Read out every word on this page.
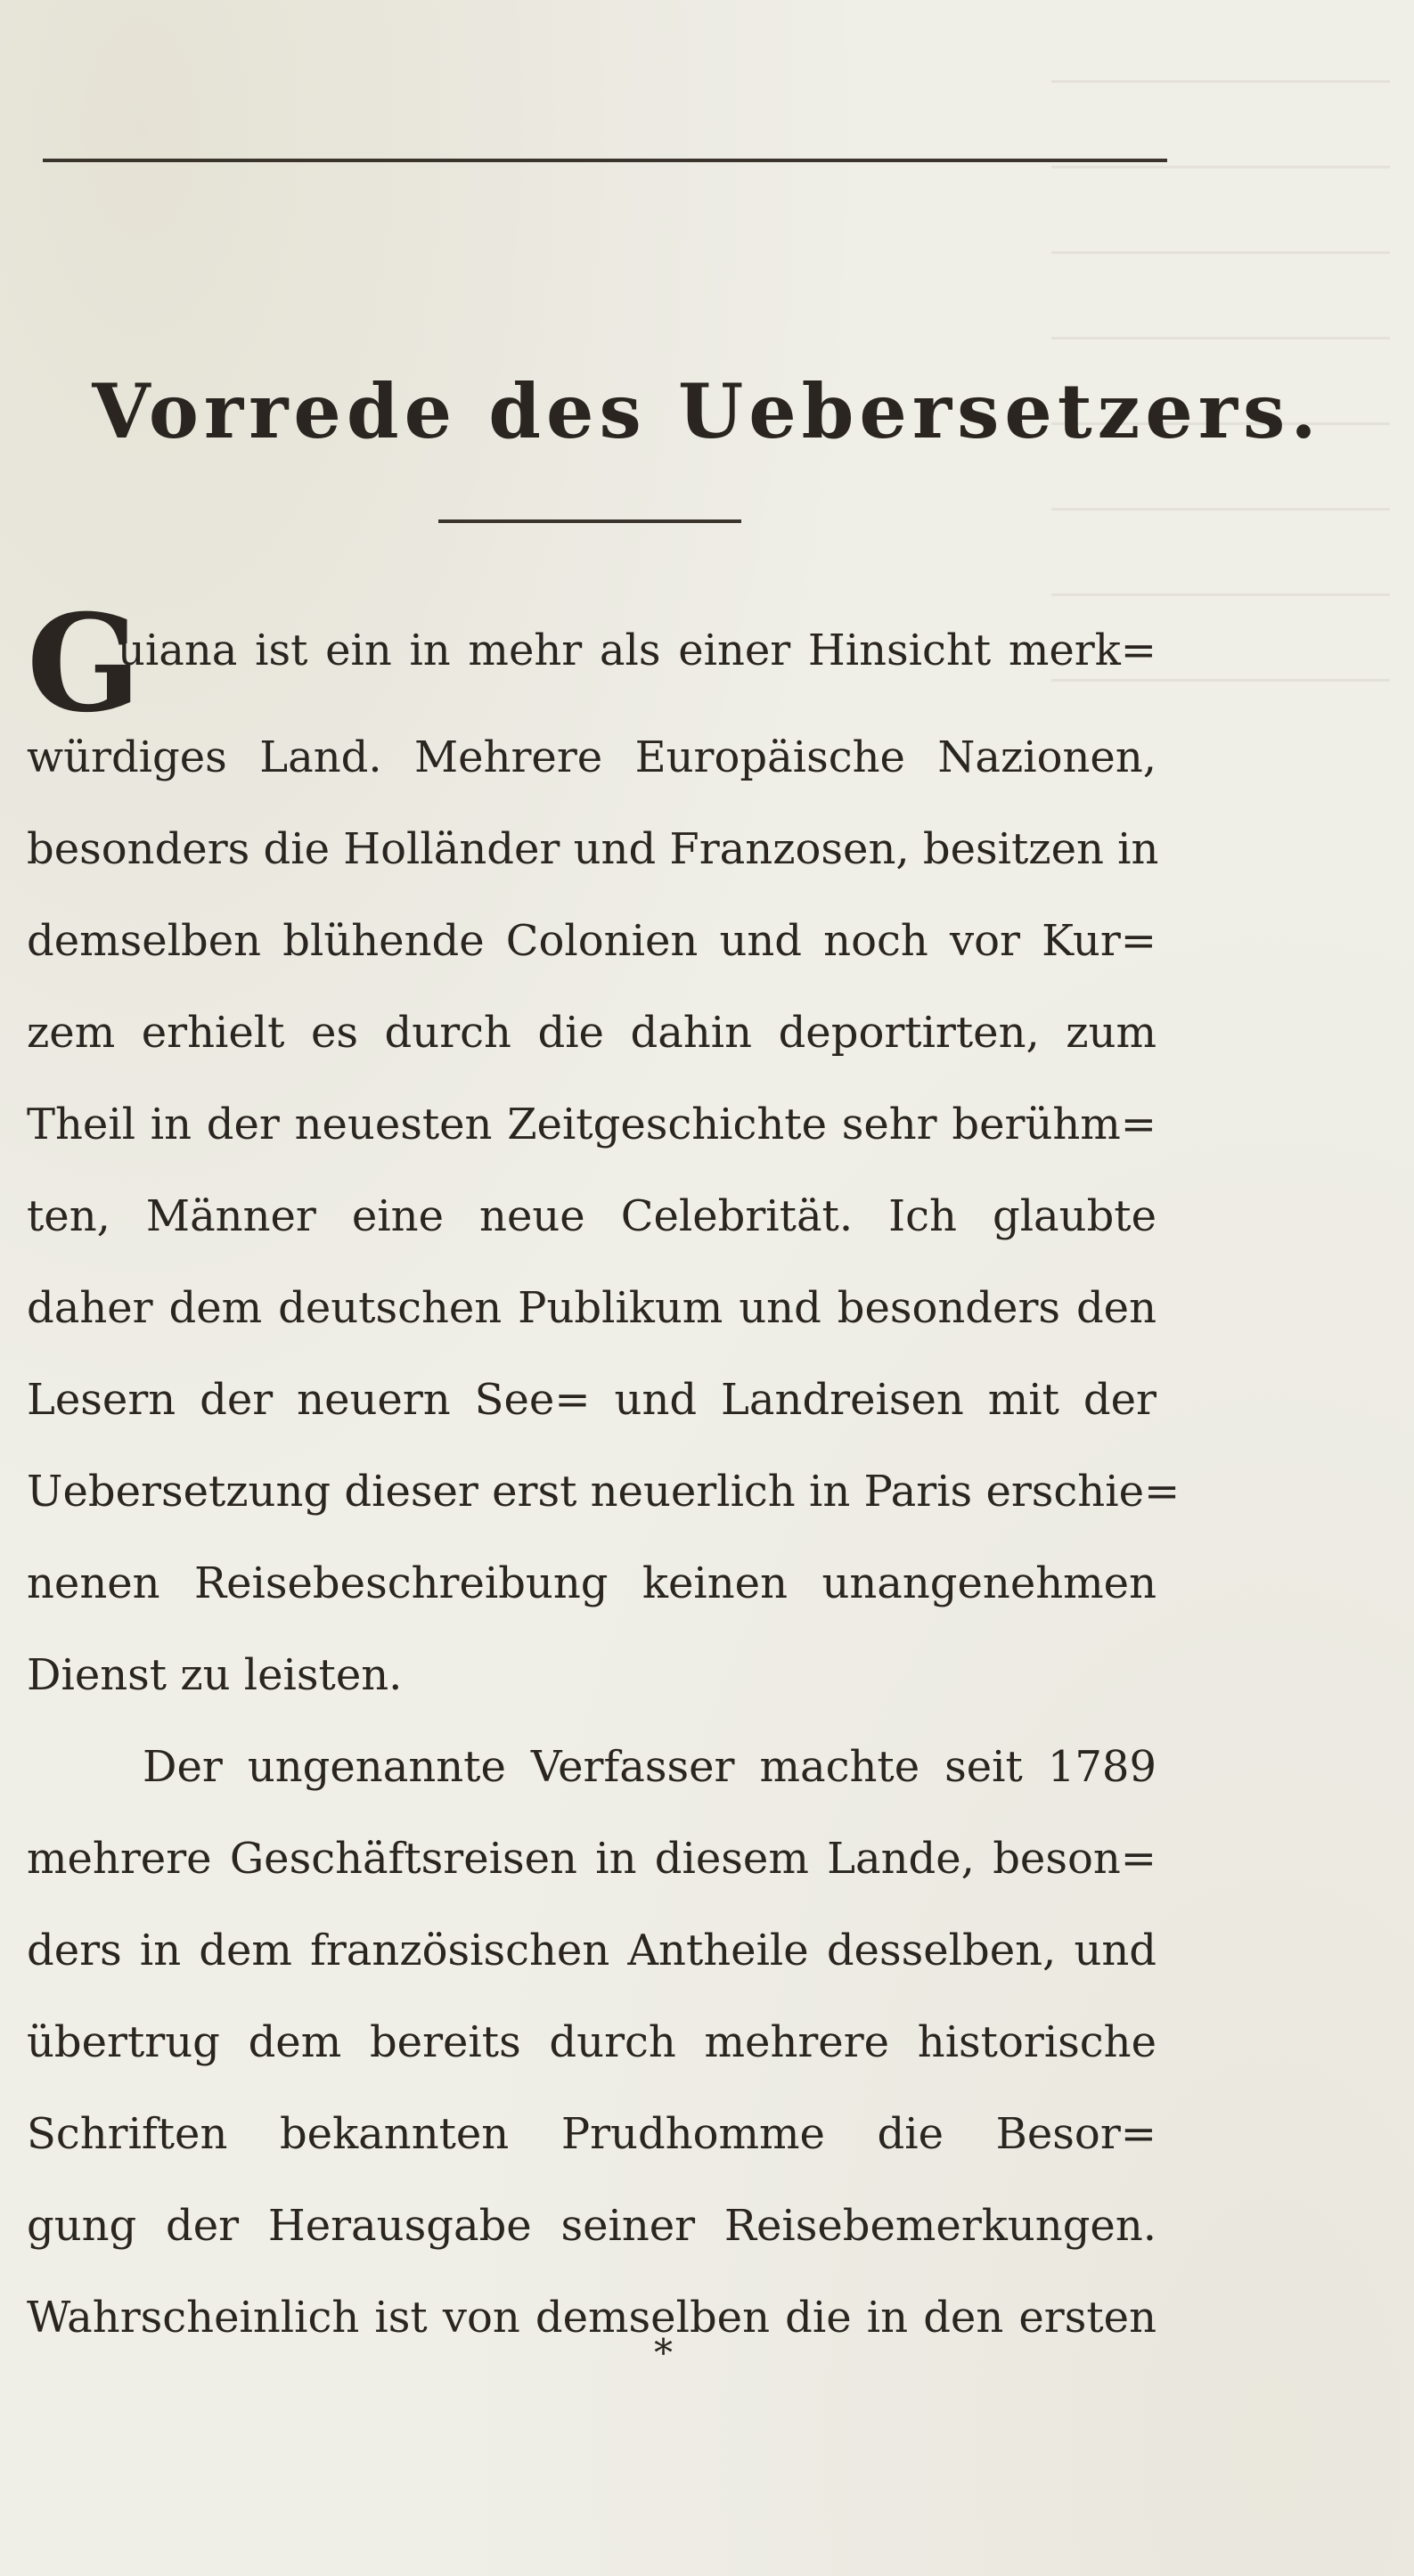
Vorrede des Uebersetzers.
G
uiana ist ein in mehr als einer Hinsicht merk=
würdiges Land. Mehrere Europäische Nazionen,
besonders die Holländer und Franzosen, besitzen in
demselben blühende Colonien und noch vor Kur=
zem erhielt es durch die dahin deportirten, zum
Theil in der neuesten Zeitgeschichte sehr berühm=
ten, Männer eine neue Celebrität. Ich glaubte
daher dem deutschen Publikum und besonders den
Lesern der neuern See= und Landreisen mit der
Uebersetzung dieser erst neuerlich in Paris erschie=
nenen Reisebeschreibung keinen unangenehmen
Dienst zu leisten.
Der ungenannte Verfasser machte seit 1789
mehrere Geschäftsreisen in diesem Lande, beson=
ders in dem französischen Antheile desselben, und
übertrug dem bereits durch mehrere historische
Schriften bekannten Prudhomme die Besor=
gung der Herausgabe seiner Reisebemerkungen.
Wahrscheinlich ist von demselben die in den ersten
*
